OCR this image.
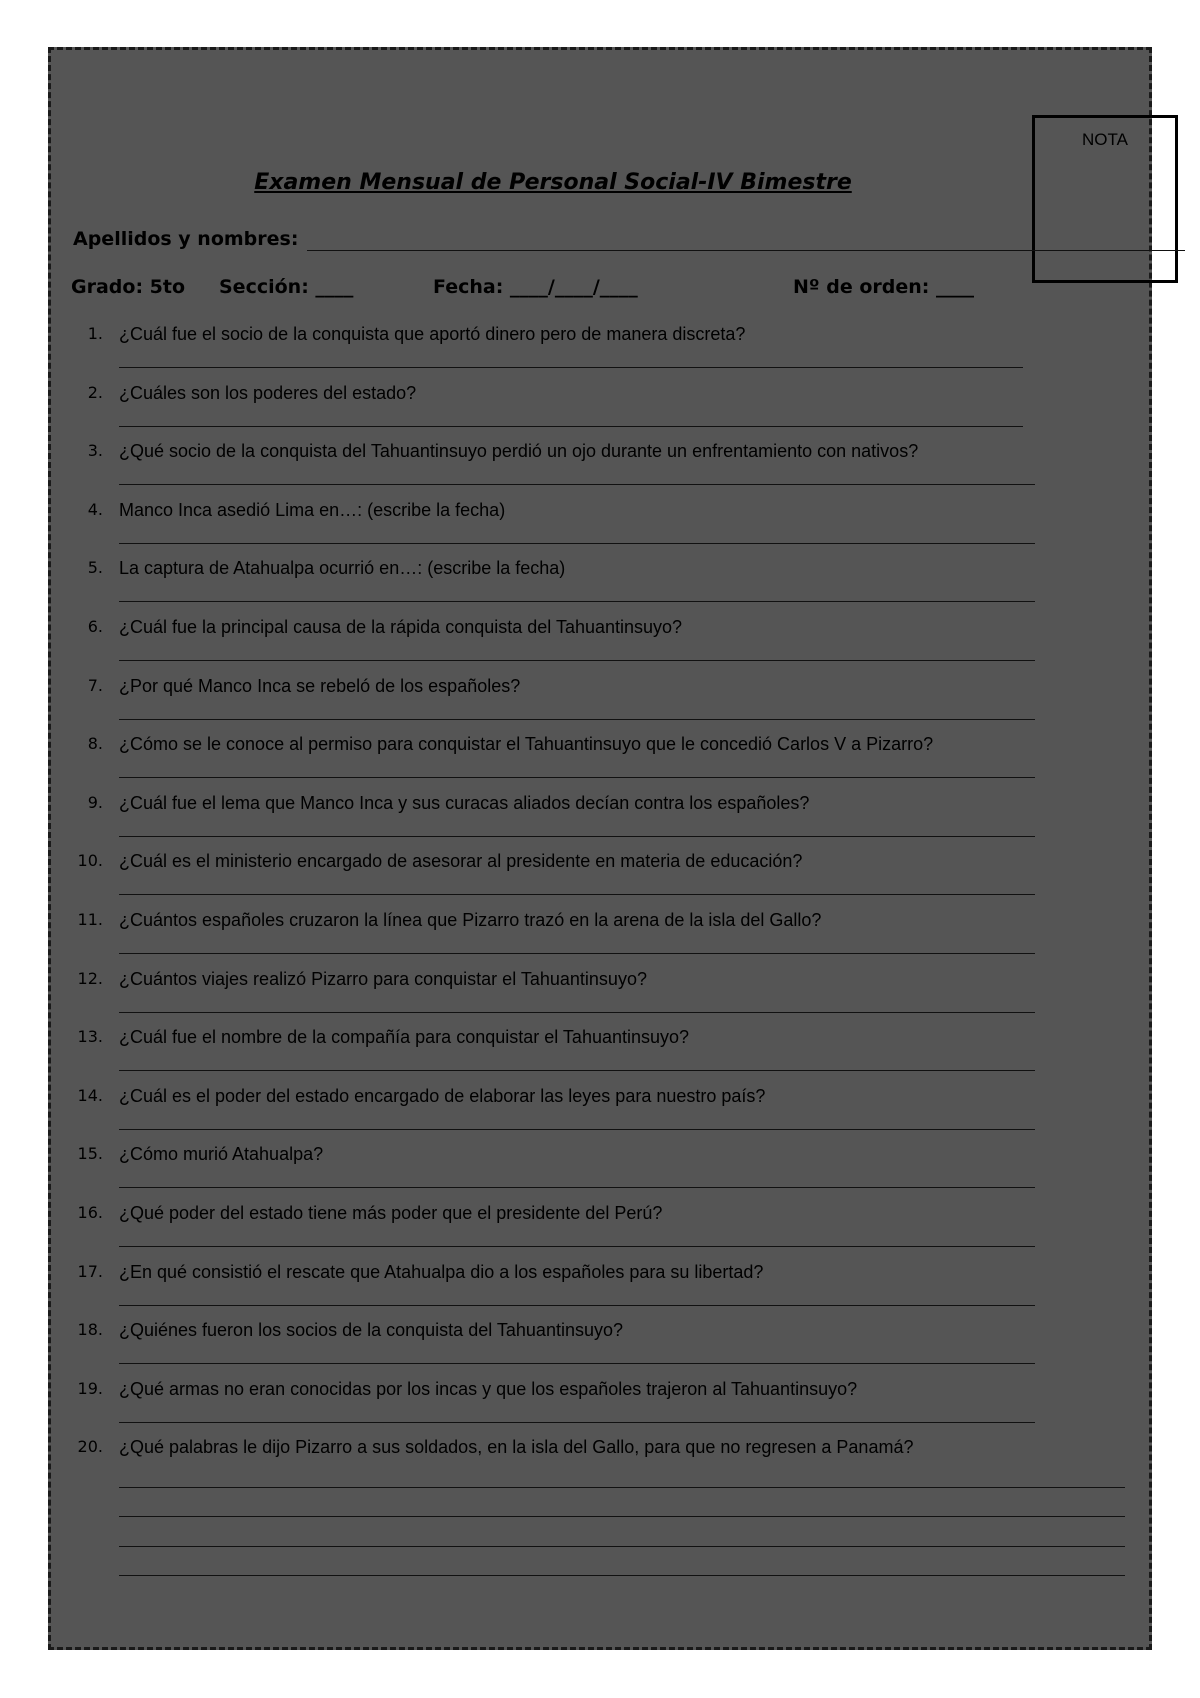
NOTA
Examen Mensual de Personal Social-IV Bimestre
Apellidos y nombres:
Grado: 5to Sección: ____	Fecha: ____/____/____	Nº de orden: ____
1. ¿Cuál fue el socio de la conquista que aportó dinero pero de manera discreta?
2. ¿Cuáles son los poderes del estado?
3. ¿Qué socio de la conquista del Tahuantinsuyo perdió un ojo durante un enfrentamiento con nativos?
4. Manco Inca asedió Lima en…: (escribe la fecha)
5. La captura de Atahualpa ocurrió en…: (escribe la fecha)
6. ¿Cuál fue la principal causa de la rápida conquista del Tahuantinsuyo?
7. ¿Por qué Manco Inca se rebeló de los españoles?
8. ¿Cómo se le conoce al permiso para conquistar el Tahuantinsuyo que le concedió Carlos V a Pizarro?
9. ¿Cuál fue el lema que Manco Inca y sus curacas aliados decían contra los españoles?
10. ¿Cuál es el ministerio encargado de asesorar al presidente en materia de educación?
11. ¿Cuántos españoles cruzaron la línea que Pizarro trazó en la arena de la isla del Gallo?
12. ¿Cuántos viajes realizó Pizarro para conquistar el Tahuantinsuyo?
13. ¿Cuál fue el nombre de la compañía para conquistar el Tahuantinsuyo?
14. ¿Cuál es el poder del estado encargado de elaborar las leyes para nuestro país?
15. ¿Cómo murió Atahualpa?
16. ¿Qué poder del estado tiene más poder que el presidente del Perú?
17. ¿En qué consistió el rescate que Atahualpa dio a los españoles para su libertad?
18. ¿Quiénes fueron los socios de la conquista del Tahuantinsuyo?
19. ¿Qué armas no eran conocidas por los incas y que los españoles trajeron al Tahuantinsuyo?
20. ¿Qué palabras le dijo Pizarro a sus soldados, en la isla del Gallo, para que no regresen a Panamá?
